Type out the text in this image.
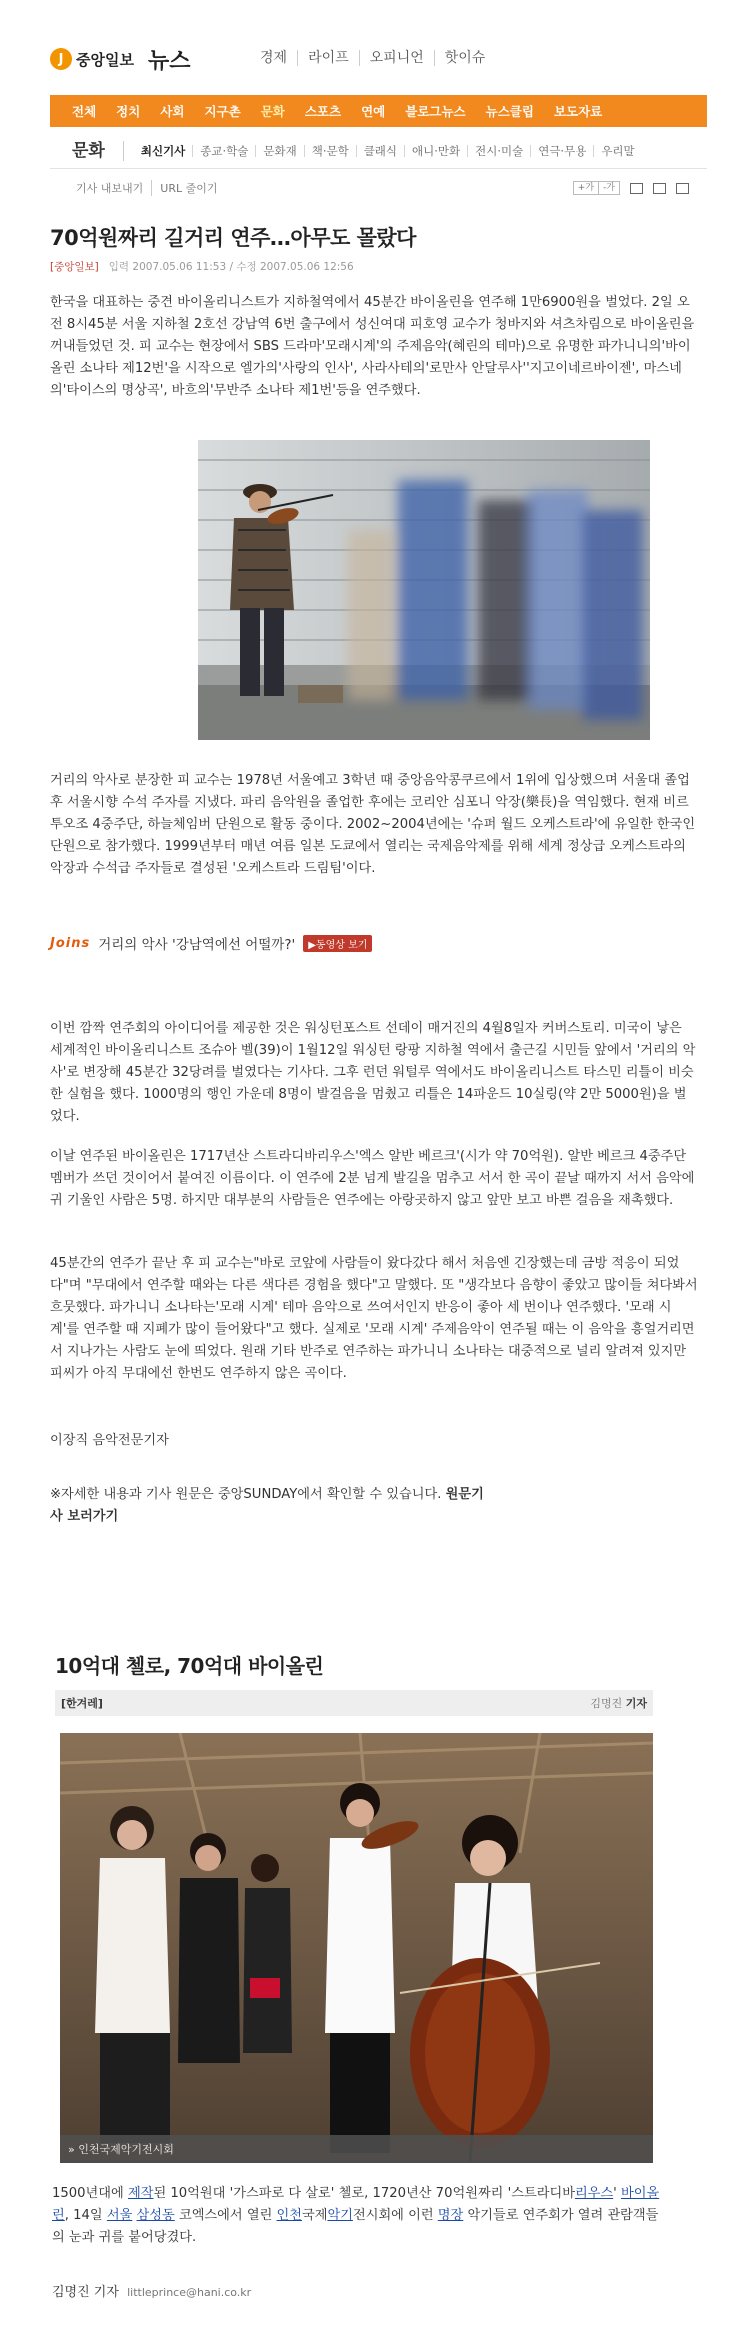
J 중앙일보 뉴스	경제	라이프	오피니언	핫이슈
전체 정치 사회 지구촌 문화 스포츠 연예 블로그뉴스 뉴스클립 보도자료
문화	최신기사	종교·학술	문화재	책·문학	클래식	애니·만화	전시·미술	연극·무용	우리말
기사 내보내기	URL 줄이기	+가	-가
70억원짜리 길거리 연주…아무도 몰랐다
[중앙일보] 입력 2007.05.06 11:53 / 수정 2007.05.06 12:56
한국을 대표하는 중견 바이올리니스트가 지하철역에서 45분간 바이올린을 연주해 1만6900원을 벌었다. 2일 오전 8시45분 서울 지하철 2호선 강남역 6번 출구에서 성신여대 피호영 교수가 청바지와 셔츠차림으로 바이올린을 꺼내들었던 것. 피 교수는 현장에서 SBS 드라마'모래시계'의 주제음악(혜린의 테마)으로 유명한 파가니니의'바이올린 소나타 제12번'을 시작으로 엘가의'사랑의 인사', 사라사테의'로만사 안달루사''지고이네르바이젠', 마스네의'타이스의 명상곡', 바흐의'무반주 소나타 제1번'등을 연주했다.
거리의 악사로 분장한 피 교수는 1978년 서울예고 3학년 때 중앙음악콩쿠르에서 1위에 입상했으며 서울대 졸업 후 서울시향 수석 주자를 지냈다. 파리 음악원을 졸업한 후에는 코리안 심포니 악장(樂長)을 역임했다. 현재 비르투오조 4중주단, 하늘체임버 단원으로 활동 중이다. 2002~2004년에는 '슈퍼 월드 오케스트라'에 유일한 한국인 단원으로 참가했다. 1999년부터 매년 여름 일본 도쿄에서 열리는 국제음악제를 위해 세계 정상급 오케스트라의 악장과 수석급 주자들로 결성된 '오케스트라 드림팀'이다.
Joins 거리의 악사 '강남역에선 어떨까?'	▶동영상 보기
이번 깜짝 연주회의 아이디어를 제공한 것은 워싱턴포스트 선데이 매거진의 4월8일자 커버스토리. 미국이 낳은 세계적인 바이올리니스트 조슈아 벨(39)이 1월12일 워싱턴 랑팡 지하철 역에서 출근길 시민들 앞에서 '거리의 악사'로 변장해 45분간 32당려를 벌였다는 기사다. 그후 런던 워털루 역에서도 바이올리니스트 타스민 리틀이 비슷한 실험을 했다. 1000명의 행인 가운데 8명이 발걸음을 멈췄고 리틀은 14파운드 10실링(약 2만 5000원)을 벌었다.
이날 연주된 바이올린은 1717년산 스트라디바리우스'엑스 알반 베르크'(시가 약 70억원). 알반 베르크 4중주단 멤버가 쓰던 것이어서 붙여진 이름이다. 이 연주에 2분 넘게 발길을 멈추고 서서 한 곡이 끝날 때까지 서서 음악에 귀 기울인 사람은 5명. 하지만 대부분의 사람들은 연주에는 아랑곳하지 않고 앞만 보고 바쁜 걸음을 재촉했다.
45분간의 연주가 끝난 후 피 교수는"바로 코앞에 사람들이 왔다갔다 해서 처음엔 긴장했는데 금방 적응이 되었다"며 "무대에서 연주할 때와는 다른 색다른 경험을 했다"고 말했다. 또 "생각보다 음향이 좋았고 많이들 쳐다봐서 흐뭇했다. 파가니니 소나타는'모래 시계' 테마 음악으로 쓰여서인지 반응이 좋아 세 번이나 연주했다. '모래 시계'를 연주할 때 지폐가 많이 들어왔다"고 했다. 실제로 '모래 시계' 주제음악이 연주될 때는 이 음악을 흥얼거리면서 지나가는 사람도 눈에 띄었다. 원래 기타 반주로 연주하는 파가니니 소나타는 대중적으로 널리 알려져 있지만 피씨가 아직 무대에선 한번도 연주하지 않은 곡이다.
이장직 음악전문기자
※자세한 내용과 기사 원문은 중앙SUNDAY에서 확인할 수 있습니다. 원문기사 보러가기
10억대 첼로, 70억대 바이올린
[한겨레]	김명진 기자
» 인천국제악기전시회
1500년대에 제작된 10억원대 '가스파로 다 살로' 첼로, 1720년산 70억원짜리 '스트라디바리우스' 바이올린, 14일 서울 삼성동 코엑스에서 열린 인천국제악기전시회에 이런 명장 악기들로 연주회가 열려 관람객들의 눈과 귀를 붙어당겼다.
김명진 기자 littleprince@hani.co.kr
